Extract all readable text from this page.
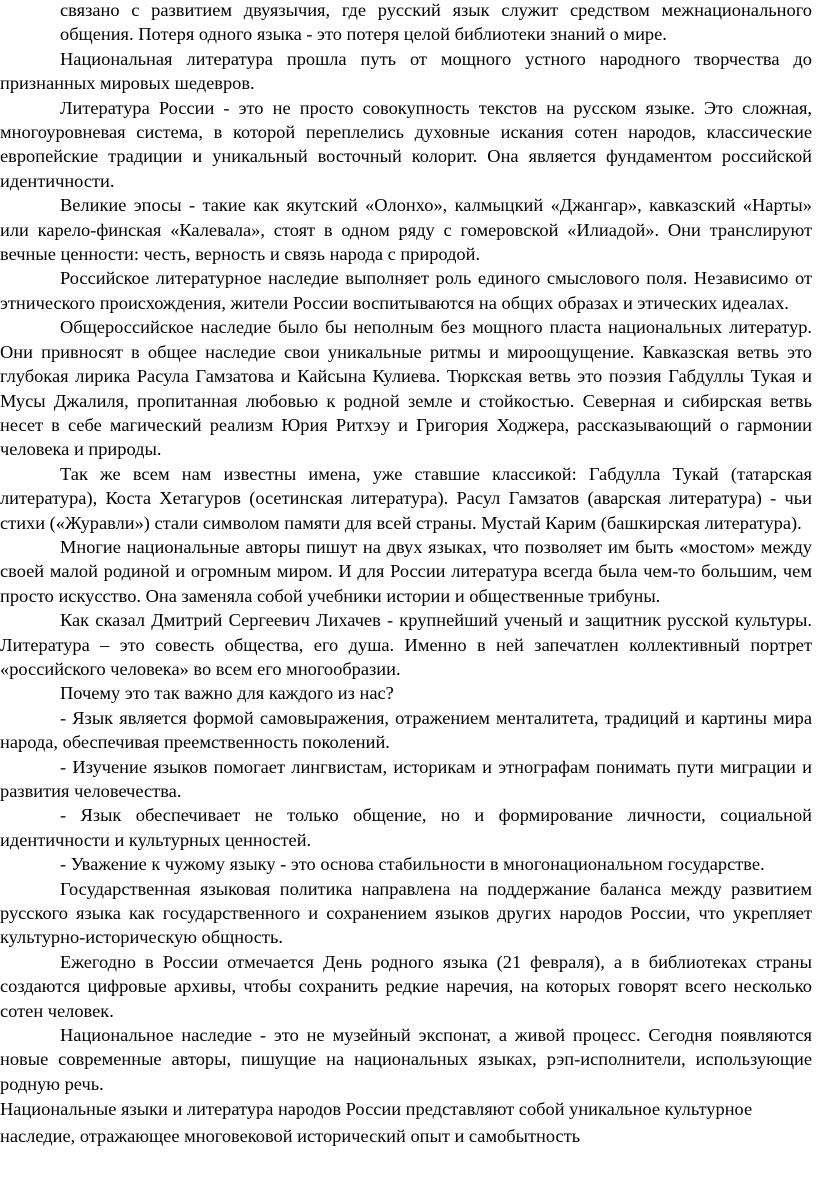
связано с развитием двуязычия, где русский язык служит средством межнационального общения. Потеря одного языка - это потеря целой библиотеки знаний о мире.

Национальная литература прошла путь от мощного устного народного творчества до признанных мировых шедевров.

Литература России - это не просто совокупность текстов на русском языке. Это сложная, многоуровневая система, в которой переплелись духовные искания сотен народов, классические европейские традиции и уникальный восточный колорит. Она является фундаментом российской идентичности.

Великие эпосы - такие как якутский «Олонхо», калмыцкий «Джангар», кавказский «Нарты» или карело-финская «Калевала», стоят в одном ряду с гомеровской «Илиадой». Они транслируют вечные ценности: честь, верность и связь народа с природой.

Российское литературное наследие выполняет роль единого смыслового поля. Независимо от этнического происхождения, жители России воспитываются на общих образах и этических идеалах.

Общероссийское наследие было бы неполным без мощного пласта национальных литератур. Они привносят в общее наследие свои уникальные ритмы и мироощущение. Кавказская ветвь это глубокая лирика Расула Гамзатова и Кайсына Кулиева. Тюркская ветвь это поэзия Габдуллы Тукая и Мусы Джалиля, пропитанная любовью к родной земле и стойкостью. Северная и сибирская ветвь несет в себе магический реализм Юрия Ритхэу и Григория Ходжера, рассказывающий о гармонии человека и природы.

Так же всем нам известны имена, уже ставшие классикой: Габдулла Тукай (татарская литература), Коста Хетагуров (осетинская литература). Расул Гамзатов (аварская литература) - чьи стихи («Журавли») стали символом памяти для всей страны. Мустай Карим (башкирская литература).

Многие национальные авторы пишут на двух языках, что позволяет им быть «мостом» между своей малой родиной и огромным миром. И для России литература всегда была чем-то большим, чем просто искусство. Она заменяла собой учебники истории и общественные трибуны.

Как сказал Дмитрий Сергеевич Лихачев - крупнейший ученый и защитник русской культуры. Литература – это совесть общества, его душа. Именно в ней запечатлен коллективный портрет «российского человека» во всем его многообразии.

Почему это так важно для каждого из нас?

- Язык является формой самовыражения, отражением менталитета, традиций и картины мира народа, обеспечивая преемственность поколений.

- Изучение языков помогает лингвистам, историкам и этнографам понимать пути миграции и развития человечества.

- Язык обеспечивает не только общение, но и формирование личности, социальной идентичности и культурных ценностей.

- Уважение к чужому языку - это основа стабильности в многонациональном государстве.

Государственная языковая политика направлена на поддержание баланса между развитием русского языка как государственного и сохранением языков других народов России, что укрепляет культурно-историческую общность.

Ежегодно в России отмечается День родного языка (21 февраля), а в библиотеках страны создаются цифровые архивы, чтобы сохранить редкие наречия, на которых говорят всего несколько сотен человек.

Национальное наследие - это не музейный экспонат, а живой процесс. Сегодня появляются новые современные авторы, пишущие на национальных языках, рэп-исполнители, использующие родную речь.

Национальные языки и литература народов России представляют собой уникальное культурное наследие, отражающее многовековой исторический опыт и самобытность
